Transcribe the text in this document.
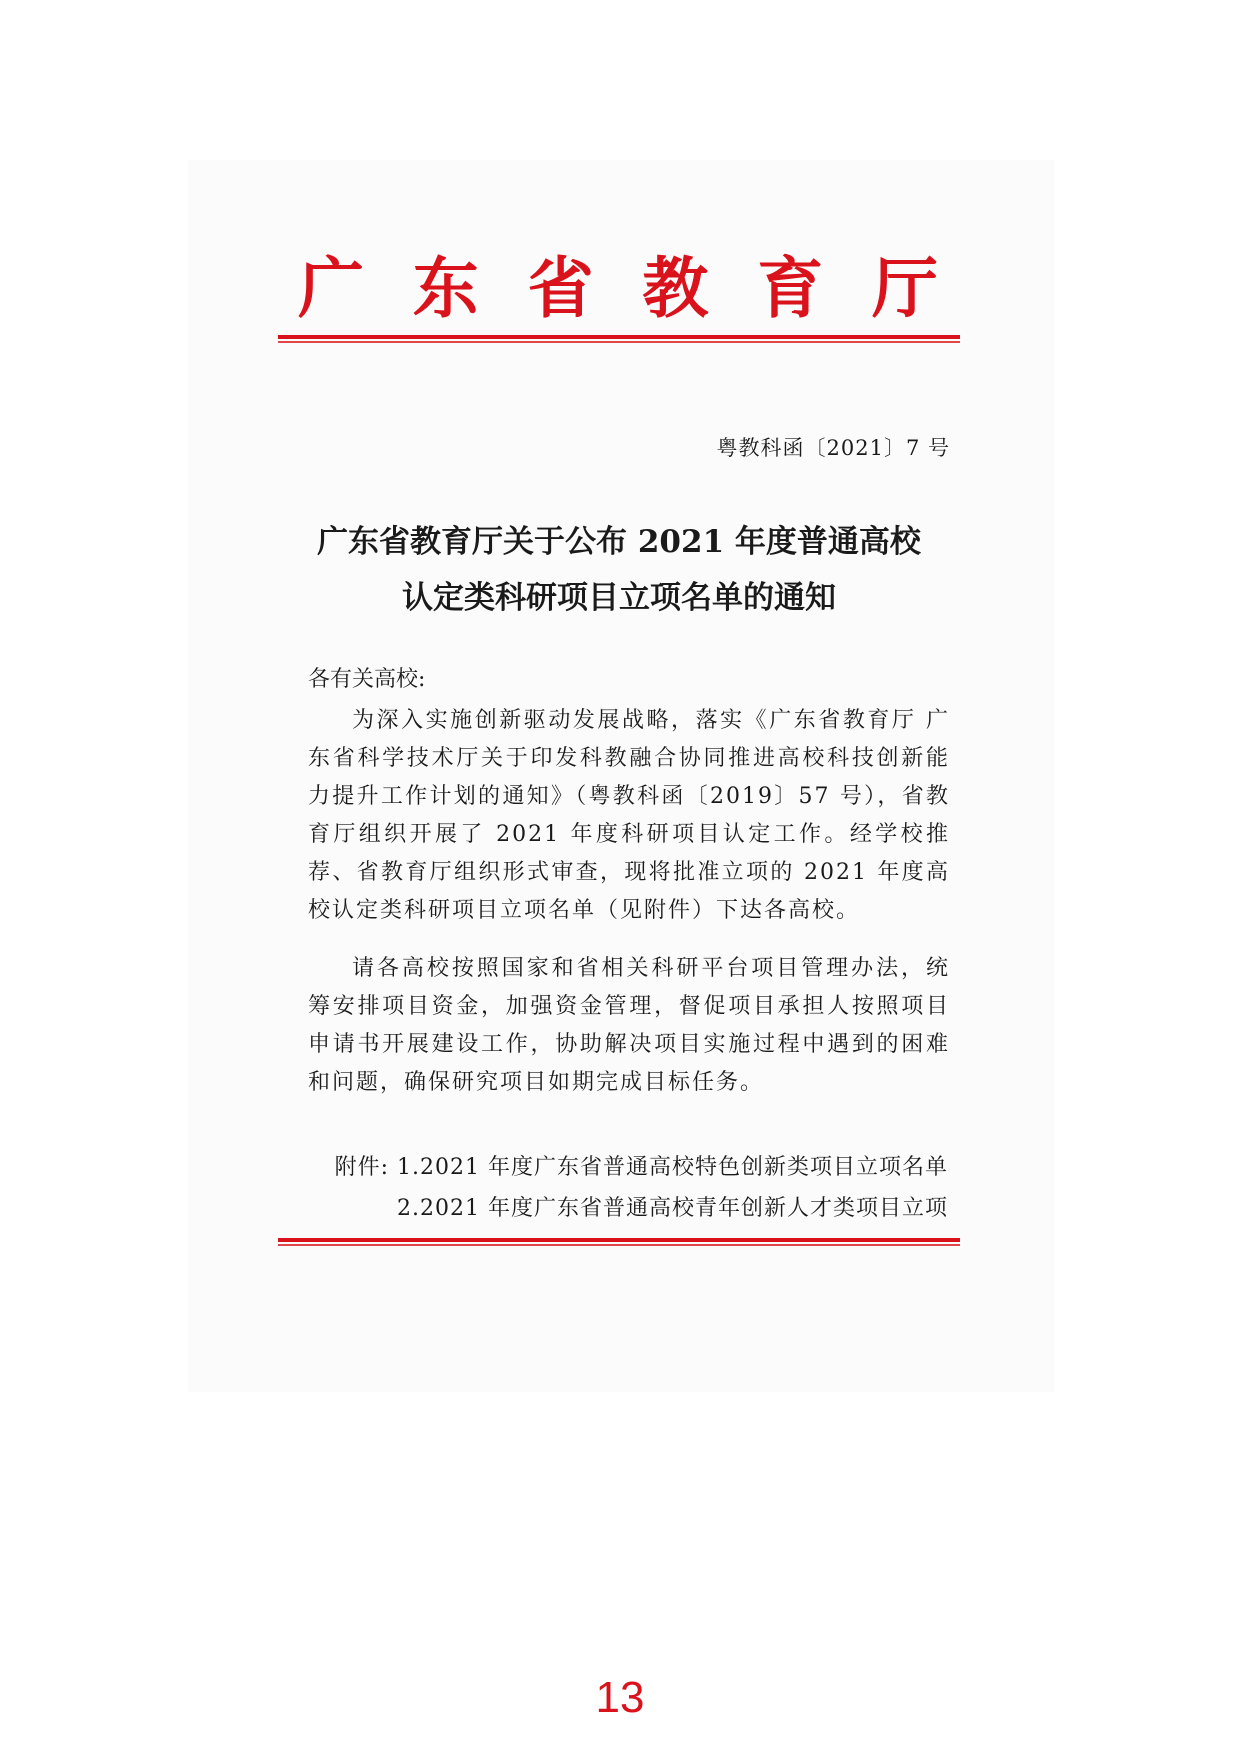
广 东 省 教 育 厅
粤教科函〔2021〕7 号
广东省教育厅关于公布 2021 年度普通高校
认定类科研项目立项名单的通知
各有关高校:
为深入实施创新驱动发展战略，落实《广东省教育厅 广东省科学技术厅关于印发科教融合协同推进高校科技创新能力提升工作计划的通知》（粤教科函〔2019〕57 号），省教育厅组织开展了 2021 年度科研项目认定工作。经学校推荐、省教育厅组织形式审查，现将批准立项的 2021 年度高校认定类科研项目立项名单（见附件）下达各高校。
请各高校按照国家和省相关科研平台项目管理办法，统筹安排项目资金，加强资金管理，督促项目承担人按照项目申请书开展建设工作，协助解决项目实施过程中遇到的困难和问题，确保研究项目如期完成目标任务。
附件: 1.2021 年度广东省普通高校特色创新类项目立项名单
2.2021 年度广东省普通高校青年创新人才类项目立项
13
